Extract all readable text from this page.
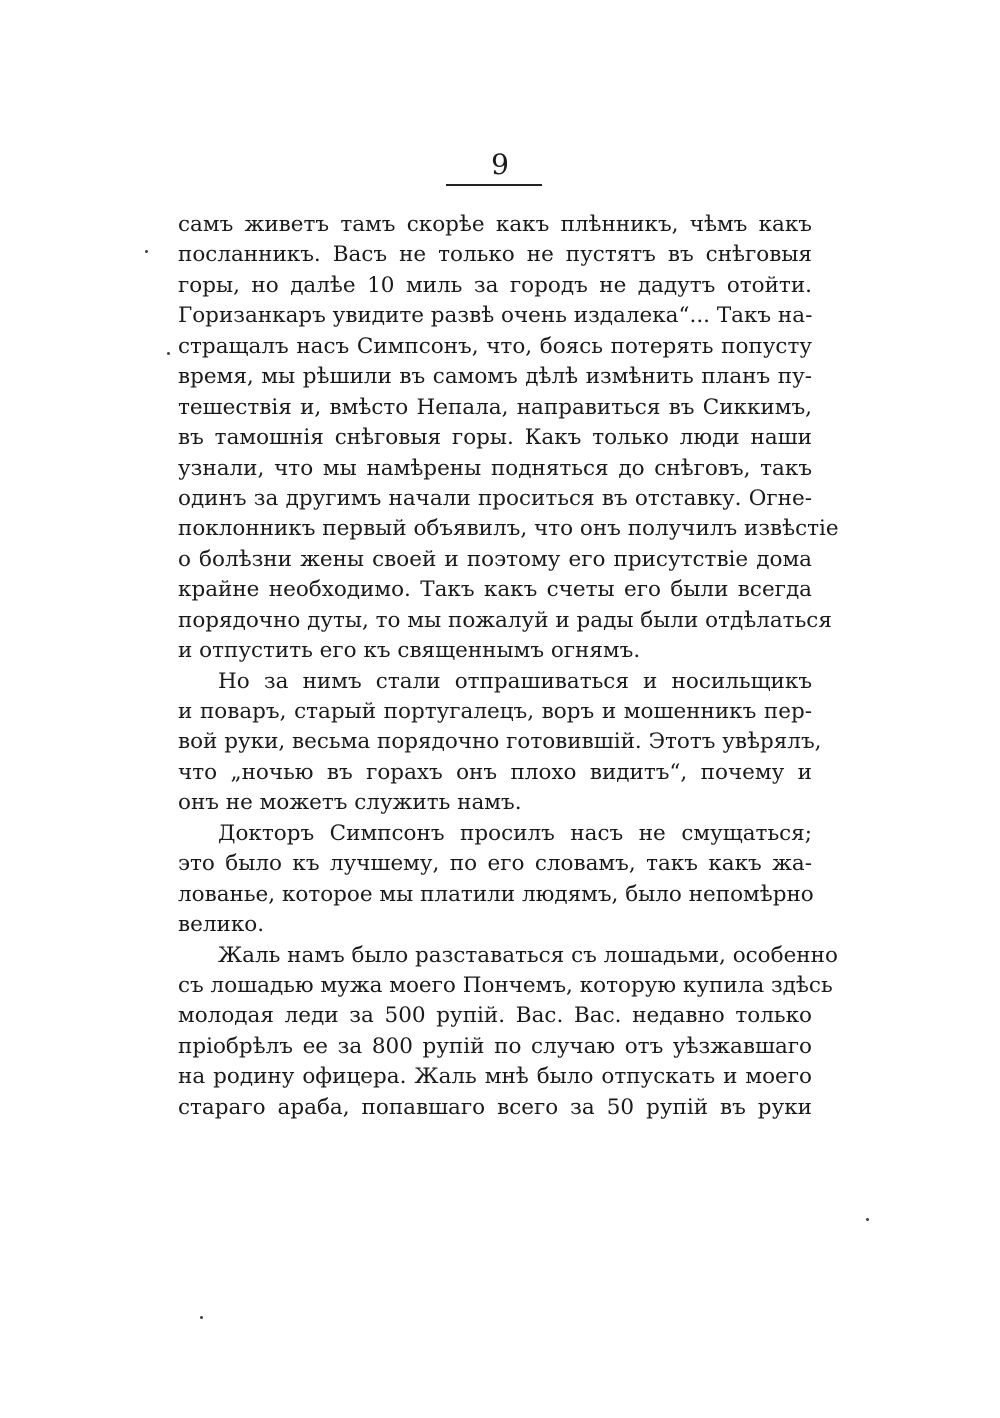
9
самъ живетъ тамъ скорѣе какъ плѣнникъ, чѣмъ какъ
посланникъ. Васъ не только не пустятъ въ снѣговыя
горы, но далѣе 10 миль за городъ не дадутъ отойти.
Горизанкаръ увидите развѣ очень издалека“... Такъ на-
стращалъ насъ Симпсонъ, что, боясь потерять попусту
время, мы рѣшили въ самомъ дѣлѣ измѣнить планъ пу-
тешествія и, вмѣсто Непала, направиться въ Сиккимъ,
въ тамошнія снѣговыя горы. Какъ только люди наши
узнали, что мы намѣрены подняться до снѣговъ, такъ
одинъ за другимъ начали проситься въ отставку. Огне-
поклонникъ первый объявилъ, что онъ получилъ извѣстіе
о болѣзни жены своей и поэтому его присутствіе дома
крайне необходимо. Такъ какъ счеты его были всегда
порядочно дуты, то мы пожалуй и рады были отдѣлаться
и отпустить его къ священнымъ огнямъ.
Но за нимъ стали отпрашиваться и носильщикъ
и поваръ, старый португалецъ, воръ и мошенникъ пер-
вой руки, весьма порядочно готовившій. Этотъ увѣрялъ,
что „ночью въ горахъ онъ плохо видитъ“, почему и
онъ не можетъ служить намъ.
Докторъ Симпсонъ просилъ насъ не смущаться;
это было къ лучшему, по его словамъ, такъ какъ жа-
лованье, которое мы платили людямъ, было непомѣрно
велико.
Жаль намъ было разставаться съ лошадьми, особенно
съ лошадью мужа моего Пончемъ, которую купила здѣсь
молодая леди за 500 рупій. Вас. Вас. недавно только
пріобрѣлъ ее за 800 рупій по случаю отъ уѣзжавшаго
на родину офицера. Жаль мнѣ было отпускать и моего
стараго араба, попавшаго всего за 50 рупій въ руки
